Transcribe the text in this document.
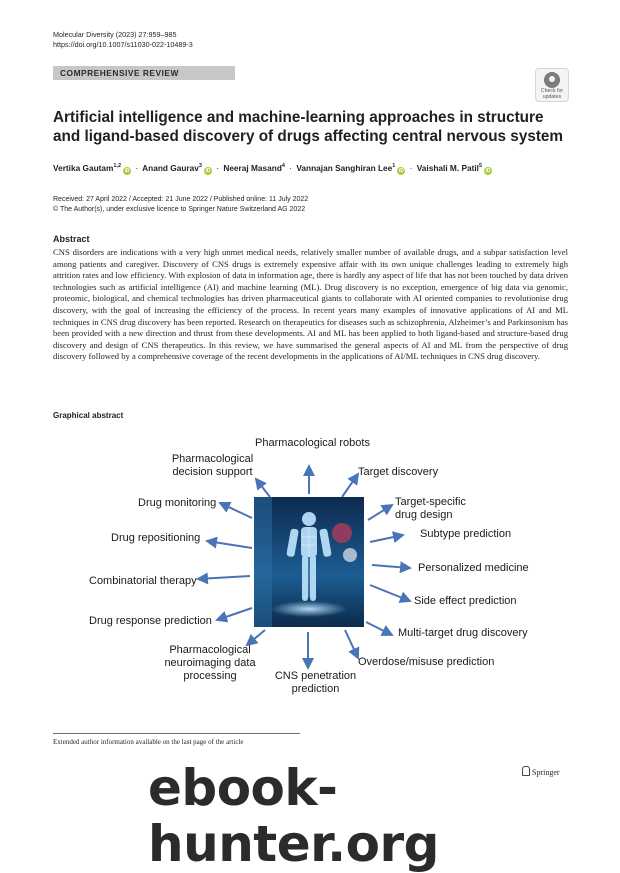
Molecular Diversity (2023) 27:959–985
https://doi.org/10.1007/s11030-022-10489-3
COMPREHENSIVE REVIEW
Check for updates
Artificial intelligence and machine-learning approaches in structure and ligand-based discovery of drugs affecting central nervous system
Vertika Gautam$^{1,2}$iD · Anand Gaurav$^3$iD · Neeraj Masand$^4$ · Vannajan Sanghiran Lee$^1$iD · Vaishali M. Patil$^5$iD
Received: 27 April 2022 / Accepted: 21 June 2022 / Published online: 11 July 2022
© The Author(s), under exclusive licence to Springer Nature Switzerland AG 2022
Abstract
CNS disorders are indications with a very high unmet medical needs, relatively smaller number of available drugs, and a subpar satisfaction level among patients and caregiver. Discovery of CNS drugs is extremely expensive affair with its own unique challenges leading to extremely high attrition rates and low efficiency. With explosion of data in information age, there is hardly any aspect of life that has not been touched by data driven technologies such as artificial intelligence (AI) and machine learning (ML). Drug discovery is no exception, emergence of big data via genomic, proteomic, biological, and chemical technologies has driven pharmaceutical giants to collaborate with AI oriented companies to revolutionise drug discovery, with the goal of increasing the efficiency of the process. In recent years many examples of innovative applications of AI and ML techniques in CNS drug discovery has been reported. Research on therapeutics for diseases such as schizophrenia, Alzheimer’s and Parkinsonism has been provided with a new direction and thrust from these developments. AI and ML has been applied to both ligand-based and structure-based drug discovery and design of CNS therapeutics. In this review, we have summarised the general aspects of AI and ML from the perspective of drug discovery followed by a comprehensive coverage of the recent developments in the applications of AI/ML techniques in CNS drug discovery.
Graphical abstract
Pharmacological robots
Pharmacological decision support	Target discovery
Drug monitoring	Target-specific drug design
Subtype prediction
Drug repositioning
Personalized medicine
Combinatorial therapy
Side effect prediction
Drug response prediction
Multi-target drug discovery
Pharmacological neuroimaging data processing
Overdose/misuse prediction
CNS penetration prediction
Extended author information available on the last page of the article
Springer
ebook-hunter.org
